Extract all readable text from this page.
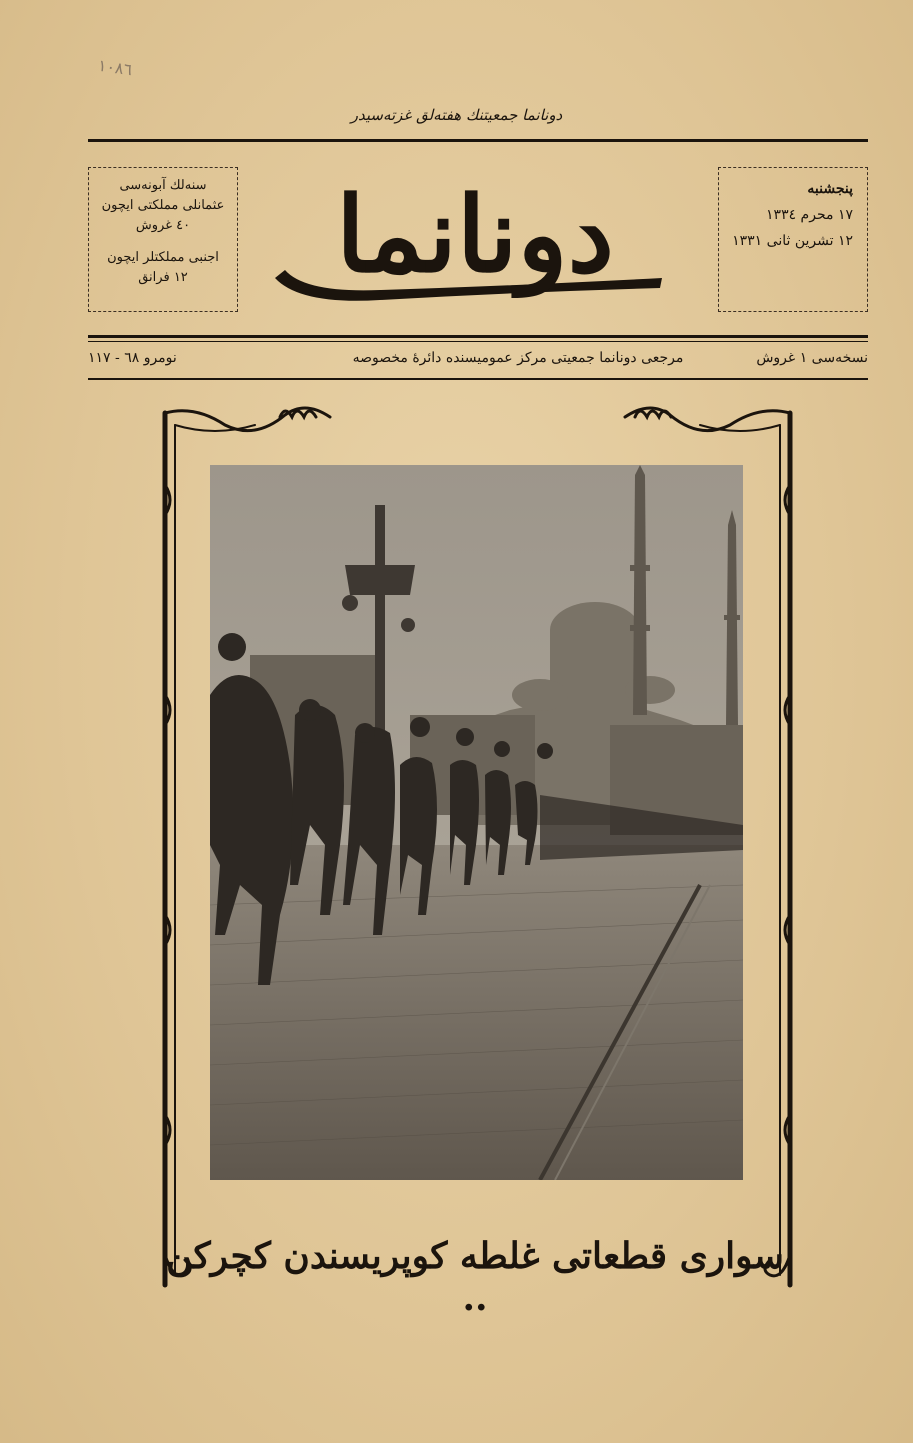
١٠٨٦
دونانما جمعيتنك هفته‌لق غزته‌سيدر
سنه‌لك آبونه‌سى
عثمانلى مملكتى ايچون
٤٠ غروش
اجنبى مملكتلر ايچون
١٢ فرانق	دونانما	پنجشنبه
١٧ محرم ١٣٣٤
١٢ تشرين ثانى ١٣٣١
نسخه‌سى ١ غروش
مرجعى دونانما جمعيتى مركز عموميسنده دائرهٔ مخصوصه
نومرو ٦٨ - ١١٧
سوارى قطعاتى غلطه كوپريسندن كچركن ..
